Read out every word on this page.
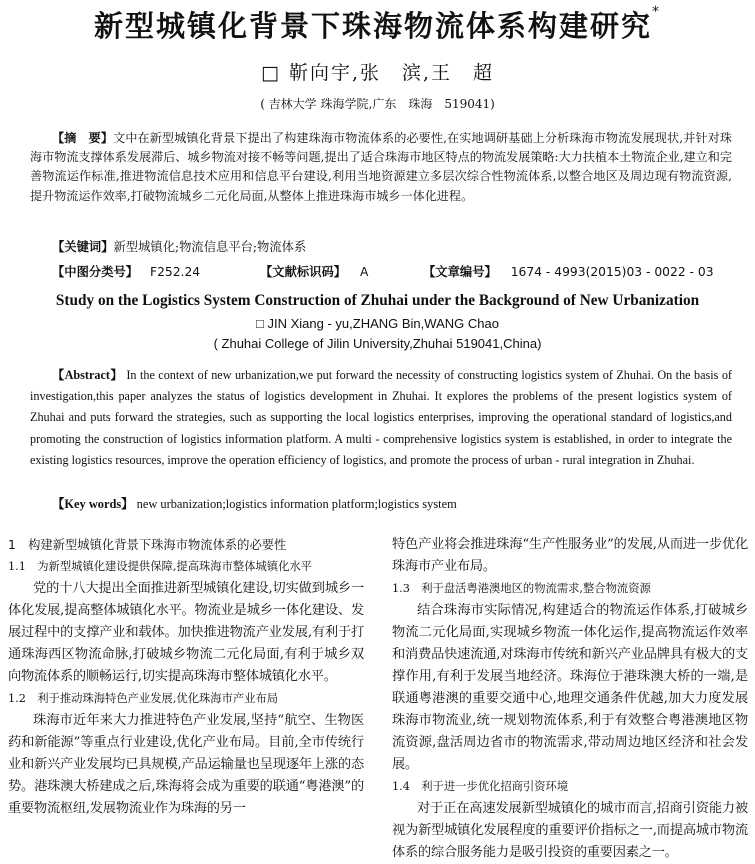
新型城镇化背景下珠海物流体系构建研究*
□ 靳向宇,张　滨,王　超
( 吉林大学 珠海学院,广东　珠海　519041)
【摘　要】文中在新型城镇化背景下提出了构建珠海市物流体系的必要性,在实地调研基础上分析珠海市物流发展现状,并针对珠海市物流支撑体系发展滞后、城乡物流对接不畅等问题,提出了适合珠海市地区特点的物流发展策略:大力扶植本土物流企业,建立和完善物流运作标准,推进物流信息技术应用和信息平台建设,利用当地资源建立多层次综合性物流体系,以整合地区及周边现有物流资源,提升物流运作效率,打破物流城乡二元化局面,从整体上推进珠海市城乡一体化进程。
【关键词】新型城镇化;物流信息平台;物流体系
【中图分类号】 F252.24	【文献标识码】 A	【文章编号】 1674 - 4993(2015)03 - 0022 - 03
Study on the Logistics System Construction of Zhuhai under the Background of New Urbanization
□ JIN Xiang - yu,ZHANG Bin,WANG Chao
( Zhuhai College of Jilin University,Zhuhai 519041,China)
【Abstract】 In the context of new urbanization,we put forward the necessity of constructing logistics system of Zhuhai. On the basis of investigation,this paper analyzes the status of logistics development in Zhuhai. It explores the problems of the present logistics system of Zhuhai and puts forward the strategies, such as supporting the local logistics enterprises, improving the operational standard of logistics,and promoting the construction of logistics information platform. A multi - comprehensive logistics system is established, in order to integrate the existing logistics resources, improve the operation efficiency of logistics, and promote the process of urban - rural integration in Zhuhai.
【Key words】 new urbanization;logistics information platform;logistics system
1　构建新型城镇化背景下珠海市物流体系的必要性
1.1　为新型城镇化建设提供保障,提高珠海市整体城镇化水平
党的十八大提出全面推进新型城镇化建设,切实做到城乡一体化发展,提高整体城镇化水平。物流业是城乡一体化建设、发展过程中的支撑产业和载体。加快推进物流产业发展,有利于打通珠海西区物流命脉,打破城乡物流二元化局面,有利于城乡双向物流体系的顺畅运行,切实提高珠海市整体城镇化水平。
1.2　利于推动珠海特色产业发展,优化珠海市产业布局
珠海市近年来大力推进特色产业发展,坚持“航空、生物医药和新能源”等重点行业建设,优化产业布局。目前,全市传统行业和新兴产业发展均已具规模,产品运输量也呈现逐年上涨的态势。港珠澳大桥建成之后,珠海将会成为重要的联通“粤港澳”的重要物流枢纽,发展物流业作为珠海的另一
特色产业将会推进珠海“生产性服务业”的发展,从而进一步优化珠海市产业布局。
1.3　利于盘活粤港澳地区的物流需求,整合物流资源
结合珠海市实际情况,构建适合的物流运作体系,打破城乡物流二元化局面,实现城乡物流一体化运作,提高物流运作效率和消费品快速流通,对珠海市传统和新兴产业品牌具有极大的支撑作用,有利于发展当地经济。珠海位于港珠澳大桥的一端,是联通粤港澳的重要交通中心,地理交通条件优越,加大力度发展珠海市物流业,统一规划物流体系,利于有效整合粤港澳地区物流资源,盘活周边省市的物流需求,带动周边地区经济和社会发展。
1.4　利于进一步优化招商引资环境
对于正在高速发展新型城镇化的城市而言,招商引资能力被视为新型城镇化发展程度的重要评价指标之一,而提高城市物流体系的综合服务能力是吸引投资的重要因素之一。
